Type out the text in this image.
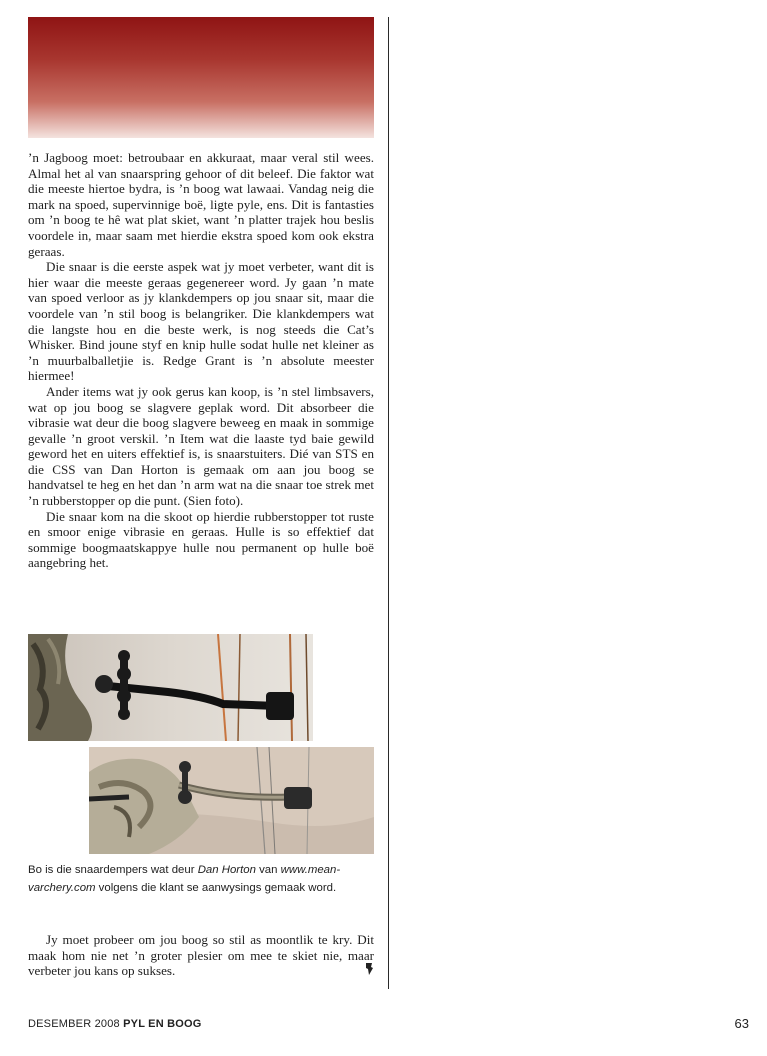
’n Jagboog moet: betroubaar en akkuraat, maar veral stil wees. Almal het al van snaarspring gehoor of dit beleef. Die faktor wat die meeste hiertoe bydra, is ’n boog wat lawaai. Vandag neig die mark na spoed, supervinnige boë, ligte pyle, ens. Dit is fantasties om ’n boog te hê wat plat skiet, want ’n platter trajek hou beslis voordele in, maar saam met hierdie ekstra spoed kom ook ekstra geraas.

Die snaar is die eerste aspek wat jy moet verbeter, want dit is hier waar die meeste geraas gegenereer word. Jy gaan ’n mate van spoed verloor as jy klankdempers op jou snaar sit, maar die voordele van ’n stil boog is belangriker. Die klankdempers wat die langste hou en die beste werk, is nog steeds die Cat’s Whisker. Bind joune styf en knip hulle sodat hulle net kleiner as ’n muurbalballetjie is. Redge Grant is ’n absolute meester hiermee!

Ander items wat jy ook gerus kan koop, is ’n stel limbsavers, wat op jou boog se slagvere geplak word. Dit absorbeer die vibrasie wat deur die boog slagvere beweeg en maak in sommige gevalle ’n groot verskil. ’n Item wat die laaste tyd baie gewild geword het en uiters effektief is, is snaarstuiters. Dié van STS en die CSS van Dan Horton is gemaak om aan jou boog se handvatsel te heg en het dan ’n arm wat na die snaar toe strek met ’n rubberstopper op die punt. (Sien foto).

Die snaar kom na die skoot op hierdie rubberstopper tot ruste en smoor enige vibrasie en geraas. Hulle is so effektief dat sommige boogmaatskappye hulle nou permanent op hulle boë aangebring het.

Bo is die snaardempers wat deur Dan Horton van www.mean-varchery.com volgens die klant se aanwysings gemaak word.

Jy moet probeer om jou boog so stil as moontlik te kry. Dit maak hom nie net ’n groter plesier om mee te skiet nie, maar verbeter jou kans op sukses.

DESEMBER 2008 PYL EN BOOG	63
